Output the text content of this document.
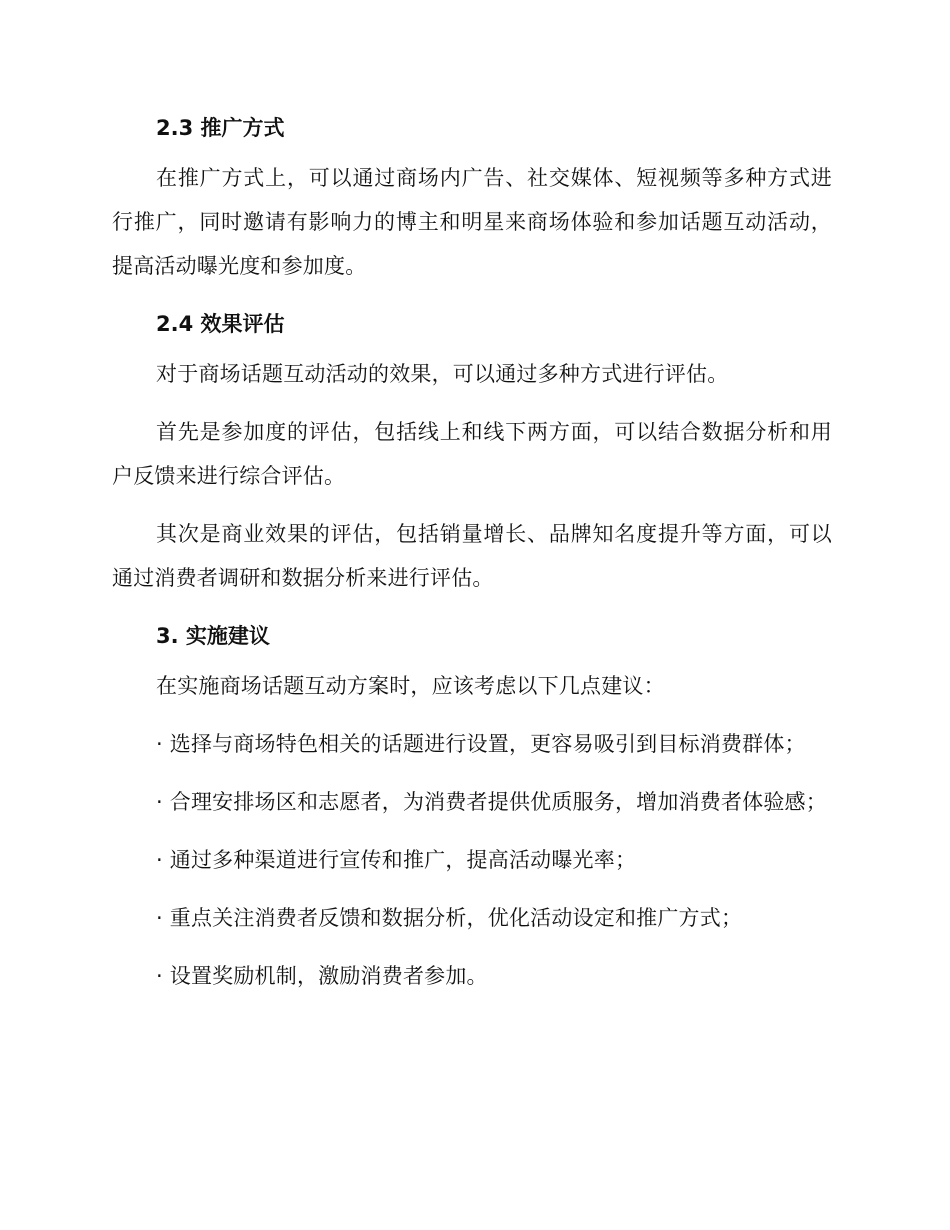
2.3 推广方式

在推广方式上，可以通过商场内广告、社交媒体、短视频等多种方式进行推广，同时邀请有影响力的博主和明星来商场体验和参加话题互动活动，提高活动曝光度和参加度。

2.4 效果评估

对于商场话题互动活动的效果，可以通过多种方式进行评估。

首先是参加度的评估，包括线上和线下两方面，可以结合数据分析和用户反馈来进行综合评估。

其次是商业效果的评估，包括销量增长、品牌知名度提升等方面，可以通过消费者调研和数据分析来进行评估。

3. 实施建议

在实施商场话题互动方案时，应该考虑以下几点建议：

· 选择与商场特色相关的话题进行设置，更容易吸引到目标消费群体；

· 合理安排场区和志愿者，为消费者提供优质服务，增加消费者体验感；

· 通过多种渠道进行宣传和推广，提高活动曝光率；

· 重点关注消费者反馈和数据分析，优化活动设定和推广方式；

· 设置奖励机制，激励消费者参加。
